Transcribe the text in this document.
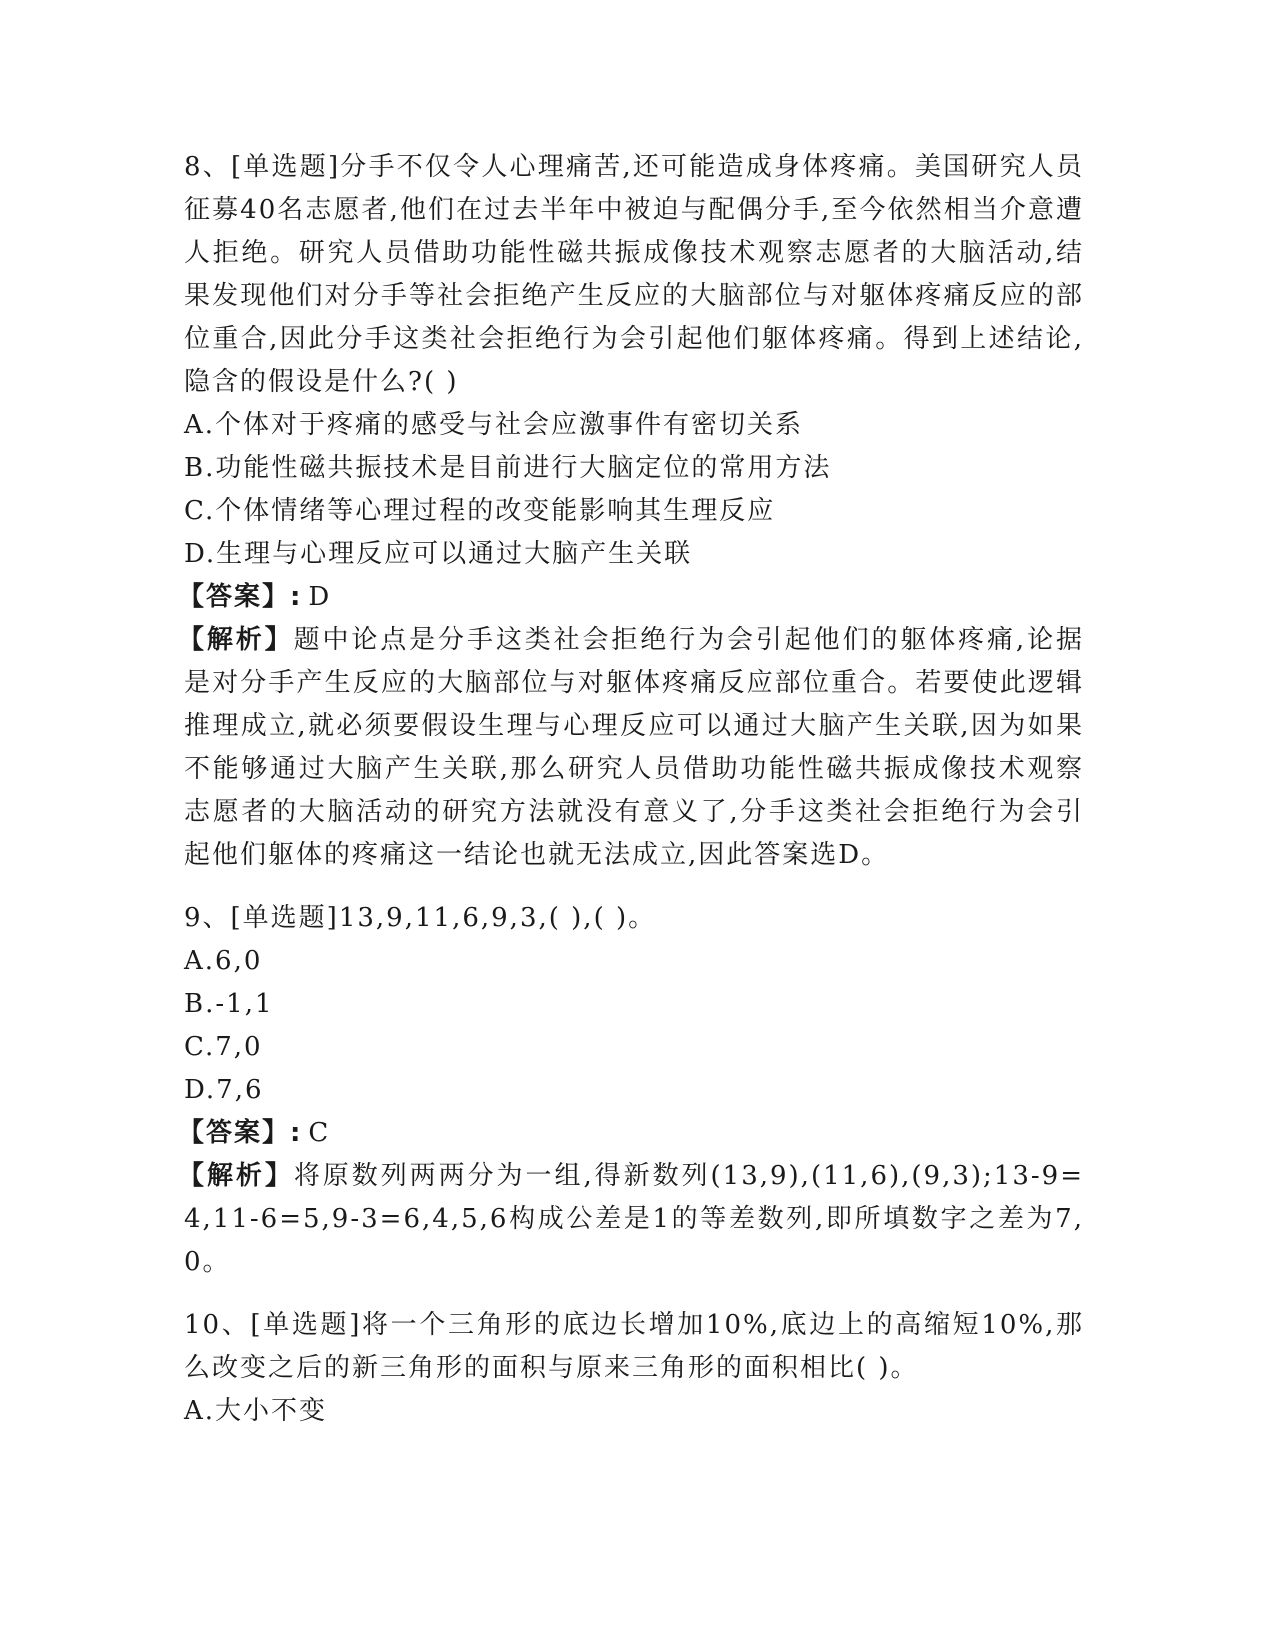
8、[单选题]分手不仅令人心理痛苦,还可能造成身体疼痛。美国研究人员征募40名志愿者,他们在过去半年中被迫与配偶分手,至今依然相当介意遭人拒绝。研究人员借助功能性磁共振成像技术观察志愿者的大脑活动,结果发现他们对分手等社会拒绝产生反应的大脑部位与对躯体疼痛反应的部位重合,因此分手这类社会拒绝行为会引起他们躯体疼痛。得到上述结论,隐含的假设是什么?( )

A.个体对于疼痛的感受与社会应激事件有密切关系

B.功能性磁共振技术是目前进行大脑定位的常用方法

C.个体情绪等心理过程的改变能影响其生理反应

D.生理与心理反应可以通过大脑产生关联

【答案】: D

【解析】题中论点是分手这类社会拒绝行为会引起他们的躯体疼痛,论据是对分手产生反应的大脑部位与对躯体疼痛反应部位重合。若要使此逻辑推理成立,就必须要假设生理与心理反应可以通过大脑产生关联,因为如果不能够通过大脑产生关联,那么研究人员借助功能性磁共振成像技术观察志愿者的大脑活动的研究方法就没有意义了,分手这类社会拒绝行为会引起他们躯体的疼痛这一结论也就无法成立,因此答案选D。

9、[单选题]13,9,11,6,9,3,( ),( )。

A.6,0

B.-1,1

C.7,0

D.7,6

【答案】: C

【解析】将原数列两两分为一组,得新数列(13,9),(11,6),(9,3);13-9=4,11-6=5,9-3=6,4,5,6构成公差是1的等差数列,即所填数字之差为7,0。

10、[单选题]将一个三角形的底边长增加10%,底边上的高缩短10%,那么改变之后的新三角形的面积与原来三角形的面积相比( )。

A.大小不变
